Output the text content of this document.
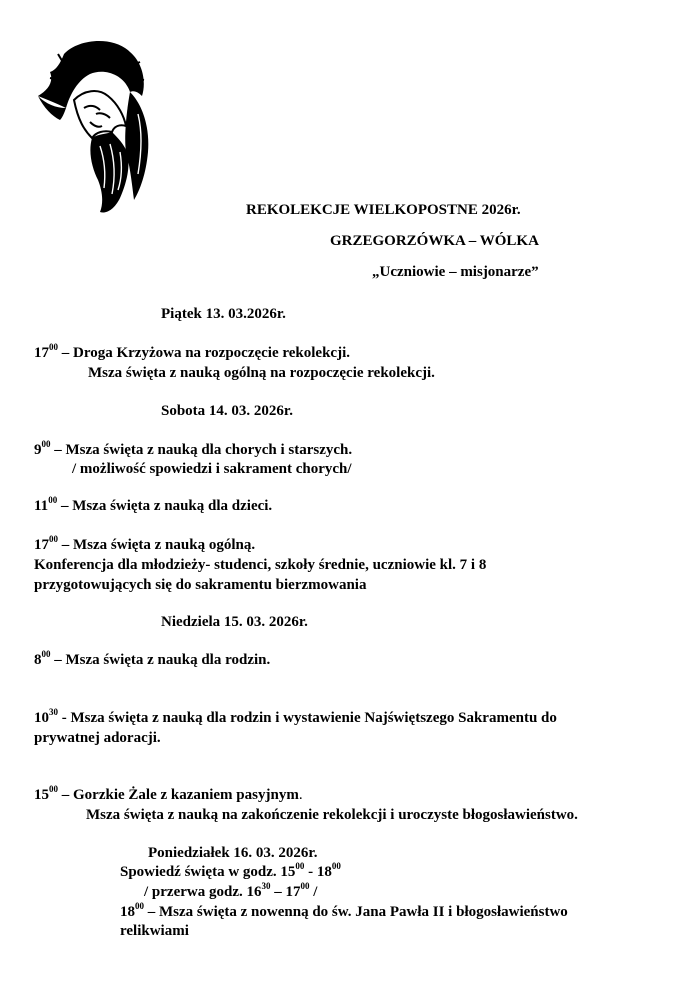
REKOLEKCJE WIELKOPOSTNE 2026r.
GRZEGORZÓWKA – WÓLKA
„Uczniowie – misjonarze”
Piątek 13. 03.2026r.
$17^{00}$ – Droga Krzyżowa na rozpoczęcie rekolekcji.
Msza święta z nauką ogólną na rozpoczęcie rekolekcji.
Sobota 14. 03. 2026r.
$9^{00}$ – Msza święta z nauką dla chorych i starszych.
/ możliwość spowiedzi i sakrament chorych/
$11^{00}$ – Msza święta z nauką dla dzieci.
$17^{00}$ – Msza święta z nauką ogólną.
Konferencja dla młodzieży- studenci, szkoły średnie, uczniowie kl. 7 i 8
przygotowujących się do sakramentu bierzmowania
Niedziela 15. 03. 2026r.
$8^{00}$ – Msza święta z nauką dla rodzin.
$10^{30}$ - Msza święta z nauką dla rodzin i wystawienie Najświętszego Sakramentu do
prywatnej adoracji.
$15^{00}$ – Gorzkie Żale z kazaniem pasyjnym.
Msza święta z nauką na zakończenie rekolekcji i uroczyste błogosławieństwo.
Poniedziałek 16. 03. 2026r.
Spowiedź święta w godz. $15^{00} - 18^{00}$
/ przerwa godz. $16^{30} - 17^{00}$ /
$18^{00}$ – Msza święta z nowenną do św. Jana Pawła II i błogosławieństwo
relikwiami
